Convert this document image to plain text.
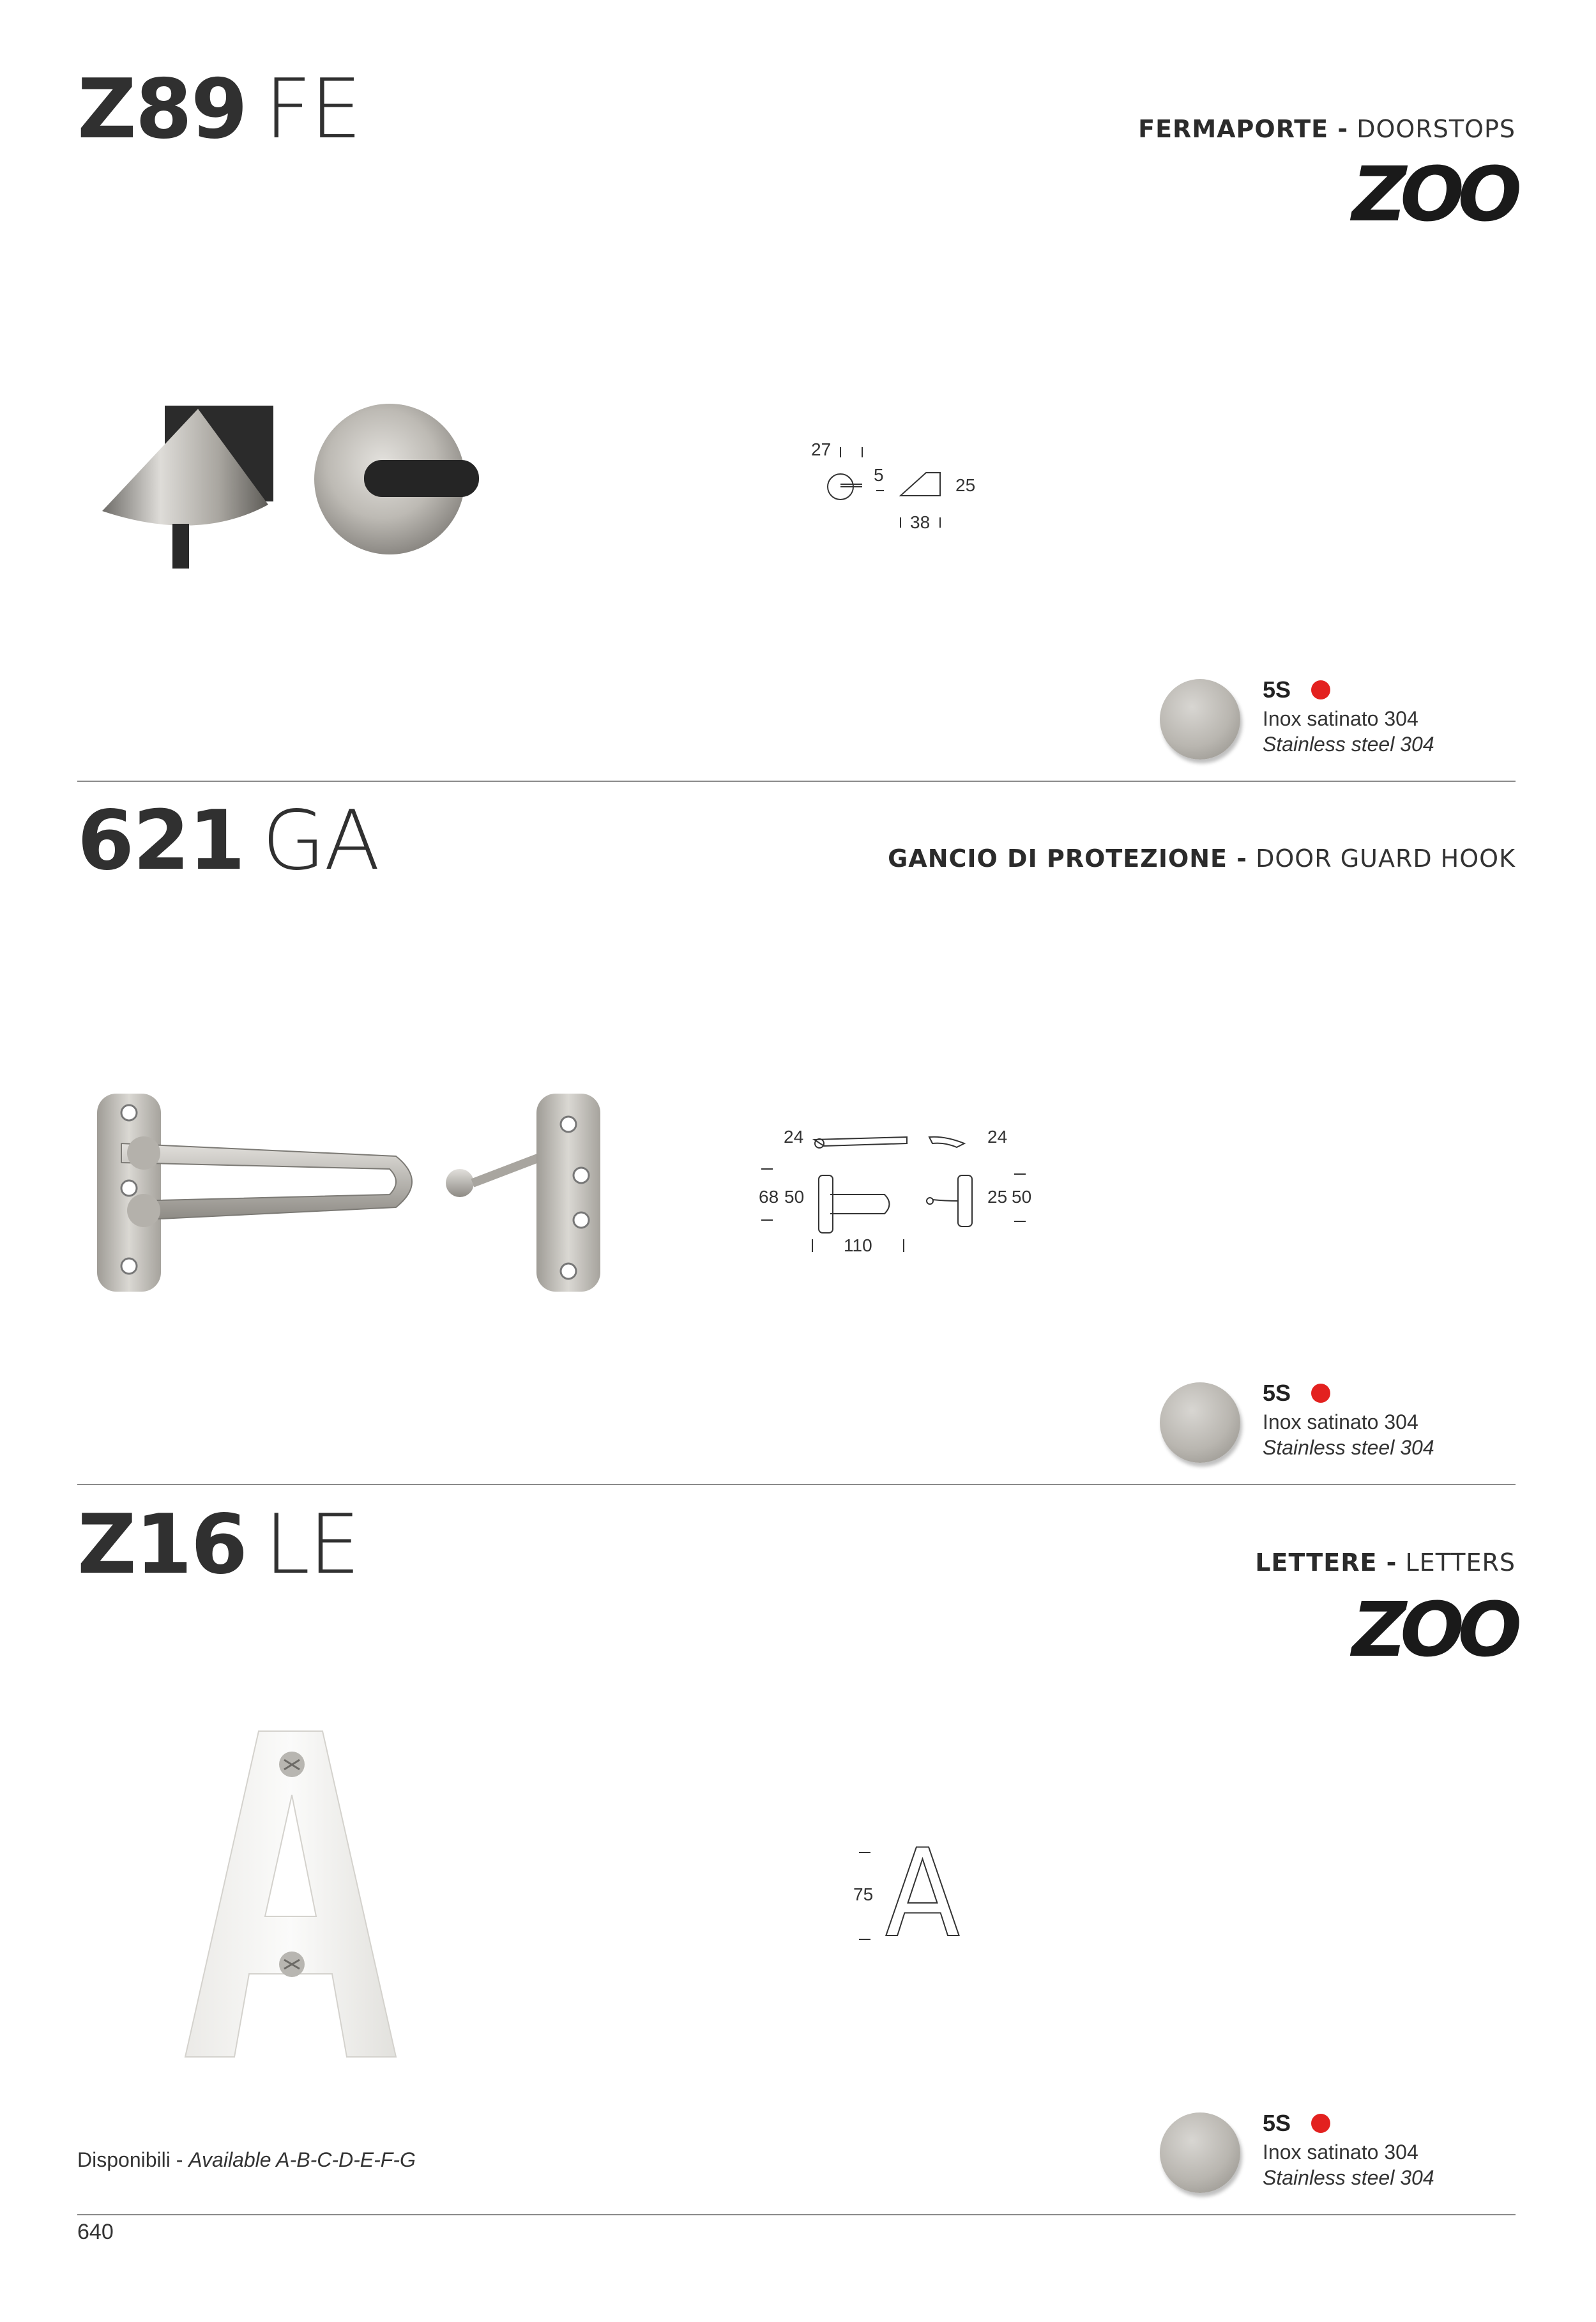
Z89 FE	FERMAPORTE - DOORSTOPS
ZOO
27
5
25
38
5S
Inox satinato 304
Stainless steel 304
621 GA	GANCIO DI PROTEZIONE - DOOR GUARD HOOK
24	24
68 50
110
25 50
5S
Inox satinato 304
Stainless steel 304
Z16 LE	LETTERE - LETTERS
ZOO
A
75
Disponibili - Available A-B-C-D-E-F-G
5S
Inox satinato 304
Stainless steel 304
640
